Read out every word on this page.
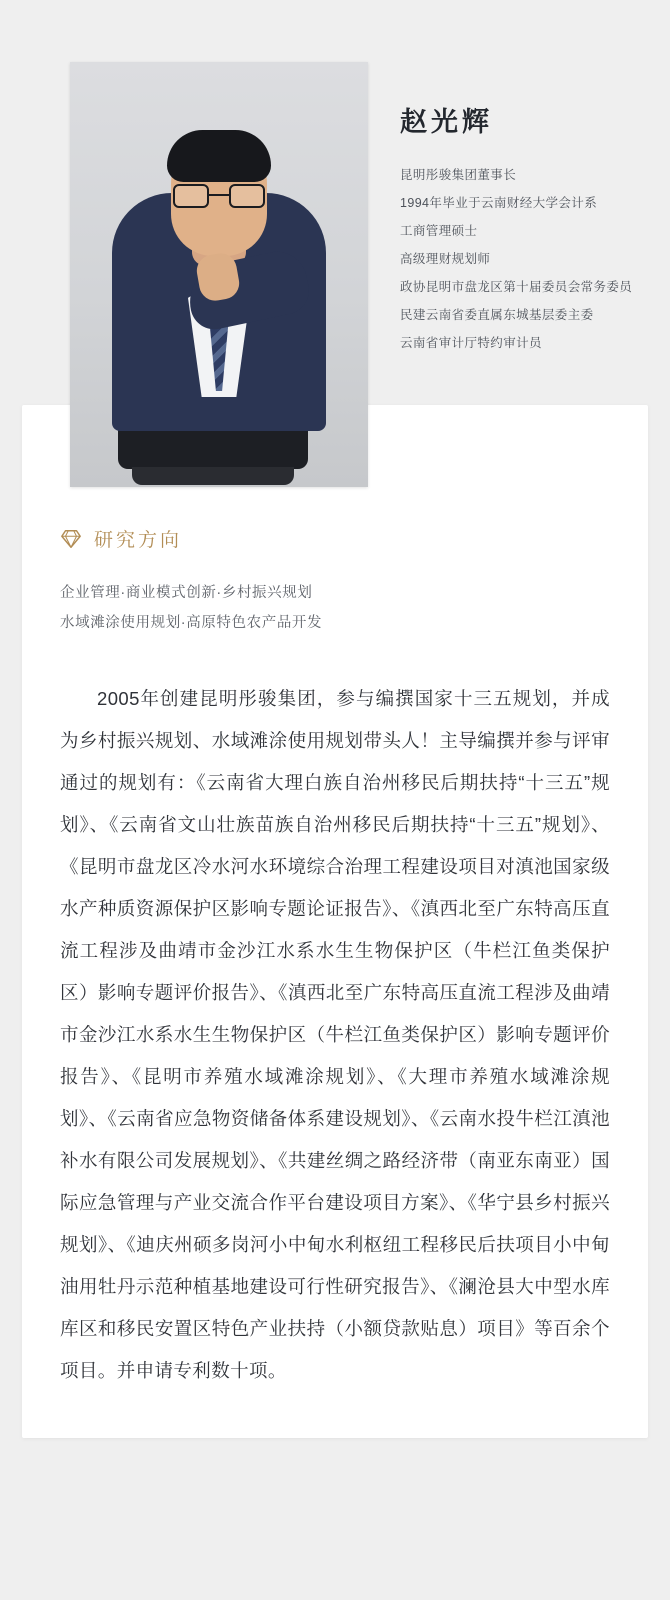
赵光辉
昆明彤骏集团董事长
1994年毕业于云南财经大学会计系
工商管理硕士
高级理财规划师
政协昆明市盘龙区第十届委员会常务委员
民建云南省委直属东城基层委主委
云南省审计厅特约审计员
研究方向
企业管理·商业模式创新·乡村振兴规划
水域滩涂使用规划·高原特色农产品开发

2005年创建昆明彤骏集团，参与编撰国家十三五规划，并成为乡村振兴规划、水域滩涂使用规划带头人！主导编撰并参与评审通过的规划有：《云南省大理白族自治州移民后期扶持“十三五”规划》、《云南省文山壮族苗族自治州移民后期扶持“十三五”规划》、《昆明市盘龙区冷水河水环境综合治理工程建设项目对滇池国家级水产种质资源保护区影响专题论证报告》、《滇西北至广东特高压直流工程涉及曲靖市金沙江水系水生生物保护区（牛栏江鱼类保护区）影响专题评价报告》、《滇西北至广东特高压直流工程涉及曲靖市金沙江水系水生生物保护区（牛栏江鱼类保护区）影响专题评价报告》、《昆明市养殖水域滩涂规划》、《大理市养殖水域滩涂规划》、《云南省应急物资储备体系建设规划》、《云南水投牛栏江滇池补水有限公司发展规划》、《共建丝绸之路经济带（南亚东南亚）国际应急管理与产业交流合作平台建设项目方案》、《华宁县乡村振兴规划》、《迪庆州硕多岗河小中甸水利枢纽工程移民后扶项目小中甸油用牡丹示范种植基地建设可行性研究报告》、《澜沧县大中型水库库区和移民安置区特色产业扶持（小额贷款贴息）项目》等百余个项目。并申请专利数十项。
